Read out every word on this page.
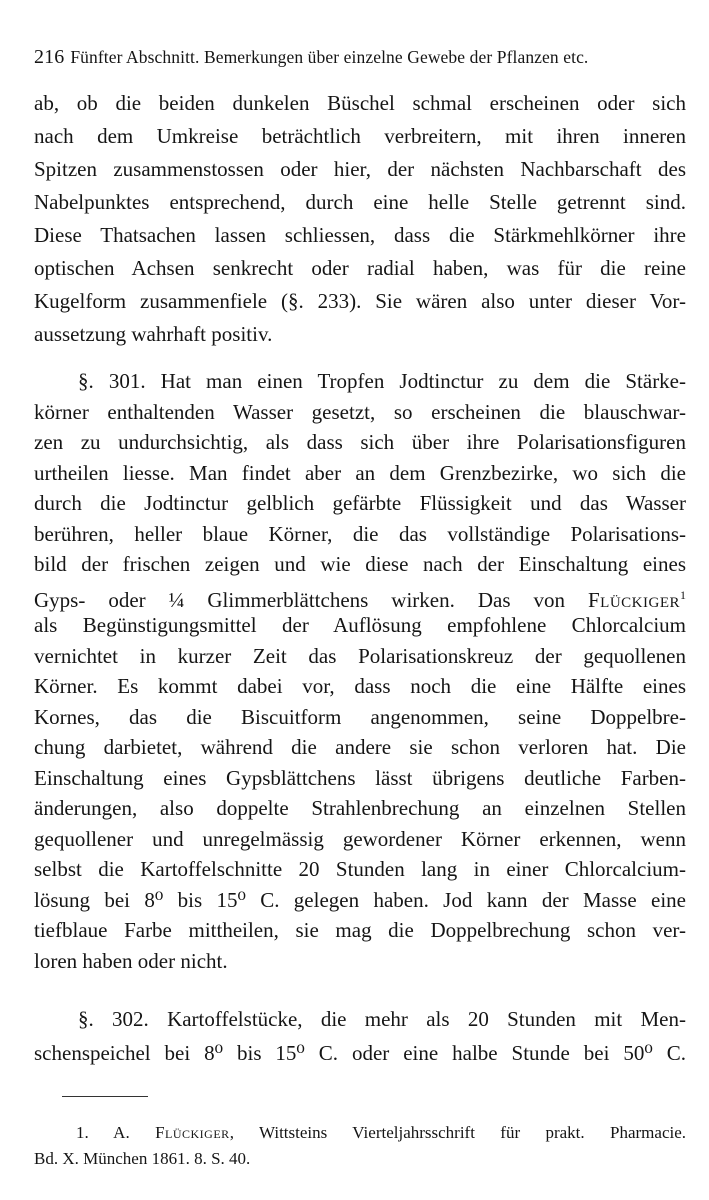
216 Fünfter Abschnitt. Bemerkungen über einzelne Gewebe der Pflanzen etc.
ab, ob die beiden dunkelen Büschel schmal erscheinen oder sich
nach dem Umkreise beträchtlich verbreitern, mit ihren inneren
Spitzen zusammenstossen oder hier, der nächsten Nachbarschaft des
Nabelpunktes entsprechend, durch eine helle Stelle getrennt sind.
Diese Thatsachen lassen schliessen, dass die Stärkmehlkörner ihre
optischen Achsen senkrecht oder radial haben, was für die reine
Kugelform zusammenfiele (§. 233). Sie wären also unter dieser Vor-
aussetzung wahrhaft positiv.
§. 301. Hat man einen Tropfen Jodtinctur zu dem die Stärke-
körner enthaltenden Wasser gesetzt, so erscheinen die blauschwar-
zen zu undurchsichtig, als dass sich über ihre Polarisationsfiguren
urtheilen liesse. Man findet aber an dem Grenzbezirke, wo sich die
durch die Jodtinctur gelblich gefärbte Flüssigkeit und das Wasser
berühren, heller blaue Körner, die das vollständige Polarisations-
bild der frischen zeigen und wie diese nach der Einschaltung eines
Gyps- oder ¼ Glimmerblättchens wirken. Das von Flückiger$^1$
als Begünstigungsmittel der Auflösung empfohlene Chlorcalcium
vernichtet in kurzer Zeit das Polarisationskreuz der gequollenen
Körner. Es kommt dabei vor, dass noch die eine Hälfte eines
Kornes, das die Biscuitform angenommen, seine Doppelbre-
chung darbietet, während die andere sie schon verloren hat. Die
Einschaltung eines Gypsblättchens lässt übrigens deutliche Farben-
änderungen, also doppelte Strahlenbrechung an einzelnen Stellen
gequollener und unregelmässig gewordener Körner erkennen, wenn
selbst die Kartoffelschnitte 20 Stunden lang in einer Chlorcalcium-
lösung bei 8⁰ bis 15⁰ C. gelegen haben. Jod kann der Masse eine
tiefblaue Farbe mittheilen, sie mag die Doppelbrechung schon ver-
loren haben oder nicht.
§. 302. Kartoffelstücke, die mehr als 20 Stunden mit Men-
schenspeichel bei 8⁰ bis 15⁰ C. oder eine halbe Stunde bei 50⁰ C.
1. A. Flückiger, Wittsteins Vierteljahrsschrift für prakt. Pharmacie.
Bd. X. München 1861. 8. S. 40.
